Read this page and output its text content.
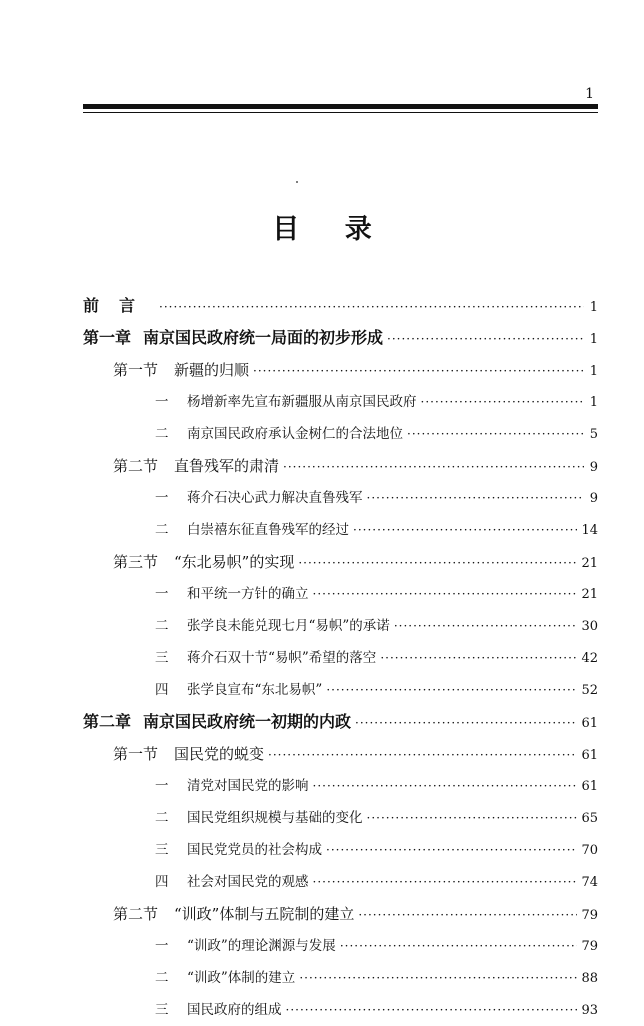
1
目 录
前言 ·····	1
第一章 南京国民政府统一局面的初步形成 ·····	1
第一节 新疆的归顺 ·····	1
一	杨增新率先宣布新疆服从南京国民政府 ·····	1
二	南京国民政府承认金树仁的合法地位 ·····	5
第二节 直鲁残军的肃清 ·····	9
一	蒋介石决心武力解决直鲁残军 ·····	9
二	白崇禧东征直鲁残军的经过 ·····	14
第三节 “东北易帜”的实现 ·····	21
一	和平统一方针的确立 ·····	21
二	张学良未能兑现七月“易帜”的承诺 ·····	30
三	蒋介石双十节“易帜”希望的落空 ·····	42
四	张学良宣布“东北易帜” ·····	52
第二章 南京国民政府统一初期的内政 ·····	61
第一节 国民党的蜕变 ·····	61
一	清党对国民党的影响 ·····	61
二	国民党组织规模与基础的变化 ·····	65
三	国民党党员的社会构成 ·····	70
四	社会对国民党的观感 ·····	74
第二节 “训政”体制与五院制的建立 ·····	79
一	“训政”的理论渊源与发展 ·····	79
二	“训政”体制的建立 ·····	88
三	国民政府的组成 ·····	93
